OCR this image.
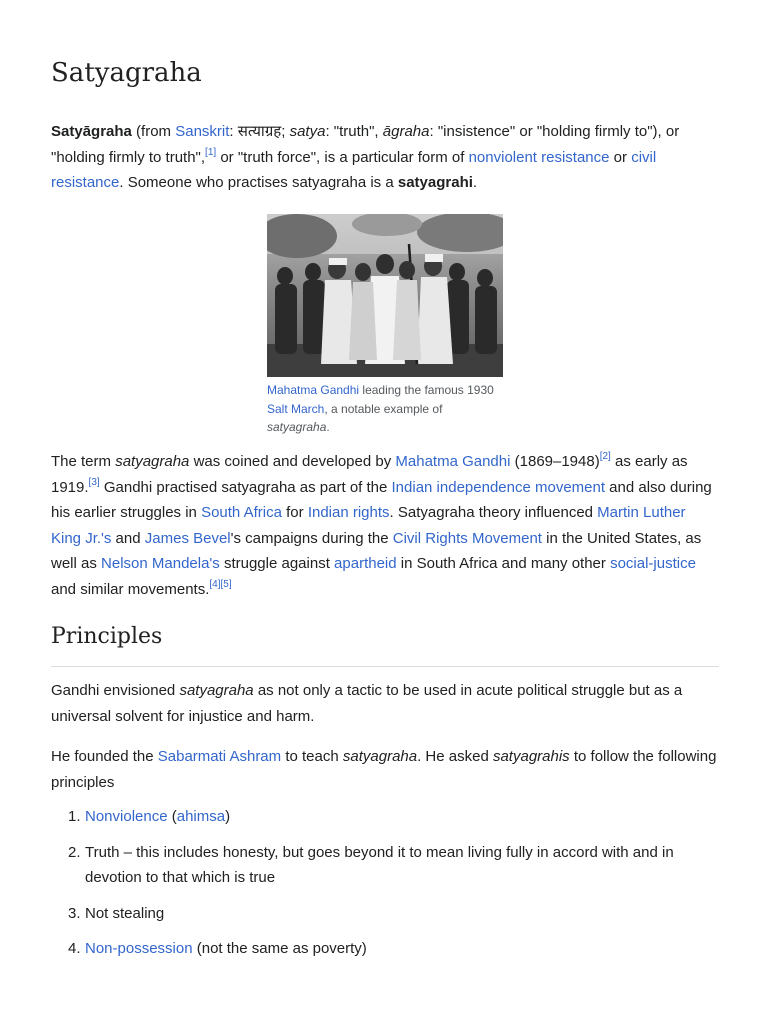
Satyagraha
Satyāgraha (from Sanskrit: सत्याग्रह; satya: "truth", āgraha: "insistence" or "holding firmly to"), or
"holding firmly to truth",[1] or "truth force", is a particular form of nonviolent resistance or civil
resistance. Someone who practises satyagraha is a satyagrahi.
Mahatma Gandhi leading the famous 1930
Salt March, a notable example of
satyagraha.
The term satyagraha was coined and developed by Mahatma Gandhi (1869–1948)[2] as early as
1919.[3] Gandhi practised satyagraha as part of the Indian independence movement and also during
his earlier struggles in South Africa for Indian rights. Satyagraha theory influenced Martin Luther
King Jr.'s and James Bevel's campaigns during the Civil Rights Movement in the United States, as
well as Nelson Mandela's struggle against apartheid in South Africa and many other social-justice
and similar movements.[4][5]
Principles
Gandhi envisioned satyagraha as not only a tactic to be used in acute political struggle but as a
universal solvent for injustice and harm.
He founded the Sabarmati Ashram to teach satyagraha. He asked satyagrahis to follow the following
principles
1. Nonviolence (ahimsa)
2. Truth – this includes honesty, but goes beyond it to mean living fully in accord with and in
devotion to that which is true
3. Not stealing
4. Non-possession (not the same as poverty)
